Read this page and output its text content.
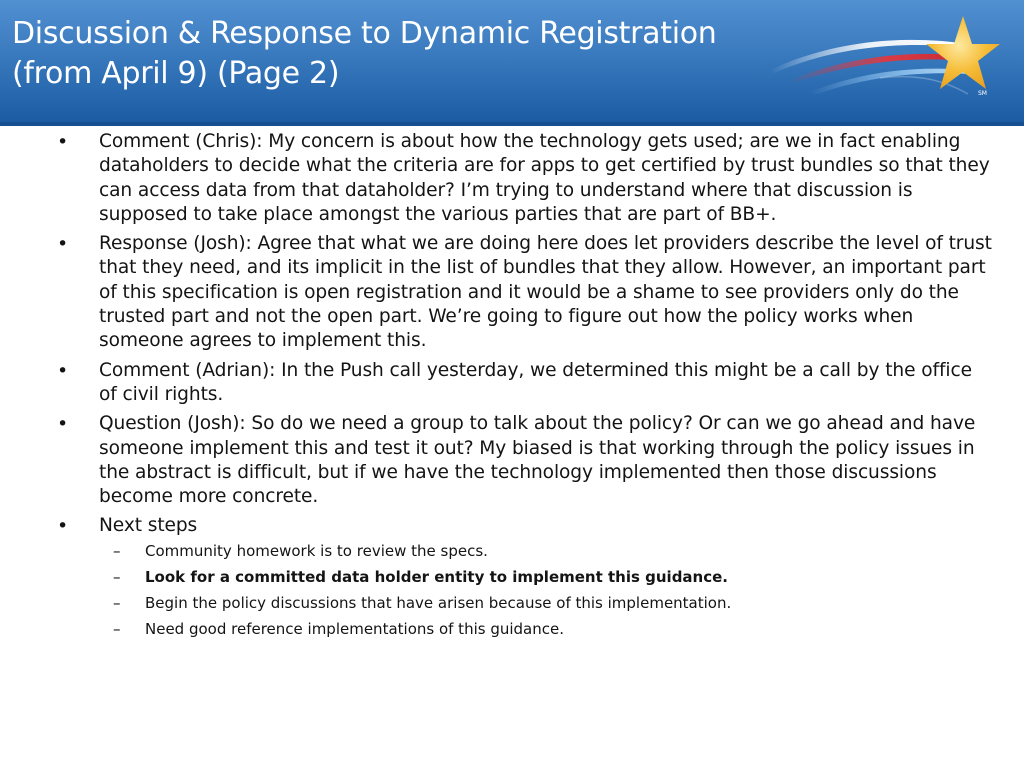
SM
Discussion & Response to Dynamic Registration
(from April 9) (Page 2)
• Comment (Chris): My concern is about how the technology gets used; are we in fact enabling dataholders to decide what the criteria are for apps to get certified by trust bundles so that they can access data from that dataholder? I’m trying to understand where that discussion is supposed to take place amongst the various parties that are part of BB+.
• Response (Josh): Agree that what we are doing here does let providers describe the level of trust that they need, and its implicit in the list of bundles that they allow. However, an important part of this specification is open registration and it would be a shame to see providers only do the trusted part and not the open part. We’re going to figure out how the policy works when someone agrees to implement this.
• Comment (Adrian): In the Push call yesterday, we determined this might be a call by the office of civil rights.
• Question (Josh): So do we need a group to talk about the policy? Or can we go ahead and have someone implement this and test it out? My biased is that working through the policy issues in the abstract is difficult, but if we have the technology implemented then those discussions become more concrete.
• Next steps
– Community homework is to review the specs.
– Look for a committed data holder entity to implement this guidance.
– Begin the policy discussions that have arisen because of this implementation.
– Need good reference implementations of this guidance.
